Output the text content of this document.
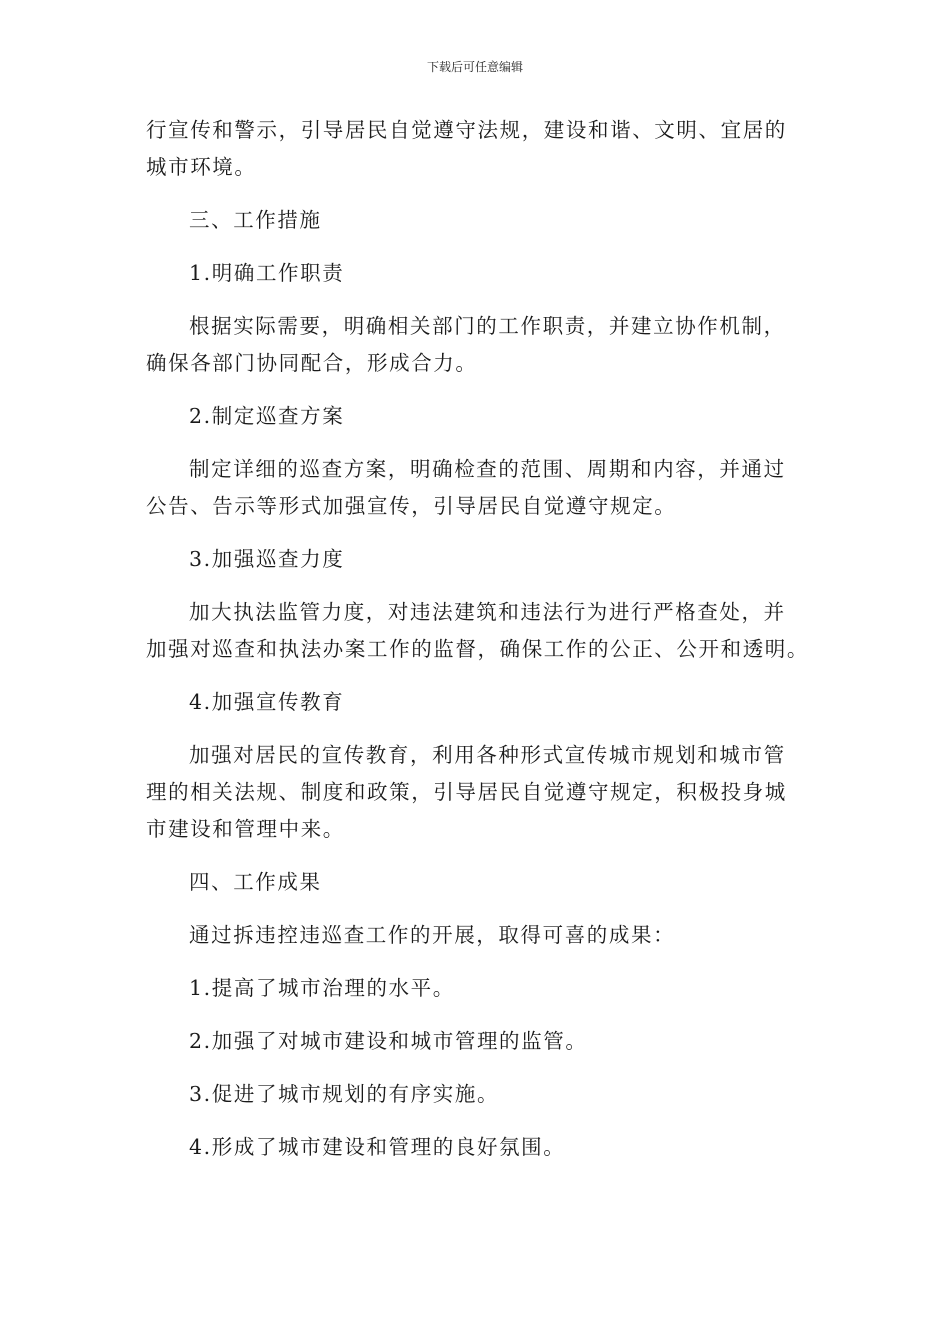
下载后可任意编辑

行宣传和警示，引导居民自觉遵守法规，建设和谐、文明、宜居的

城市环境。

三、工作措施

1.明确工作职责

根据实际需要，明确相关部门的工作职责，并建立协作机制，

确保各部门协同配合，形成合力。

2.制定巡查方案

制定详细的巡查方案，明确检查的范围、周期和内容，并通过

公告、告示等形式加强宣传，引导居民自觉遵守规定。

3.加强巡查力度

加大执法监管力度，对违法建筑和违法行为进行严格查处，并

加强对巡查和执法办案工作的监督，确保工作的公正、公开和透明。

4.加强宣传教育

加强对居民的宣传教育，利用各种形式宣传城市规划和城市管

理的相关法规、制度和政策，引导居民自觉遵守规定，积极投身城

市建设和管理中来。

四、工作成果

通过拆违控违巡查工作的开展，取得可喜的成果：

1.提高了城市治理的水平。

2.加强了对城市建设和城市管理的监管。

3.促进了城市规划的有序实施。

4.形成了城市建设和管理的良好氛围。
